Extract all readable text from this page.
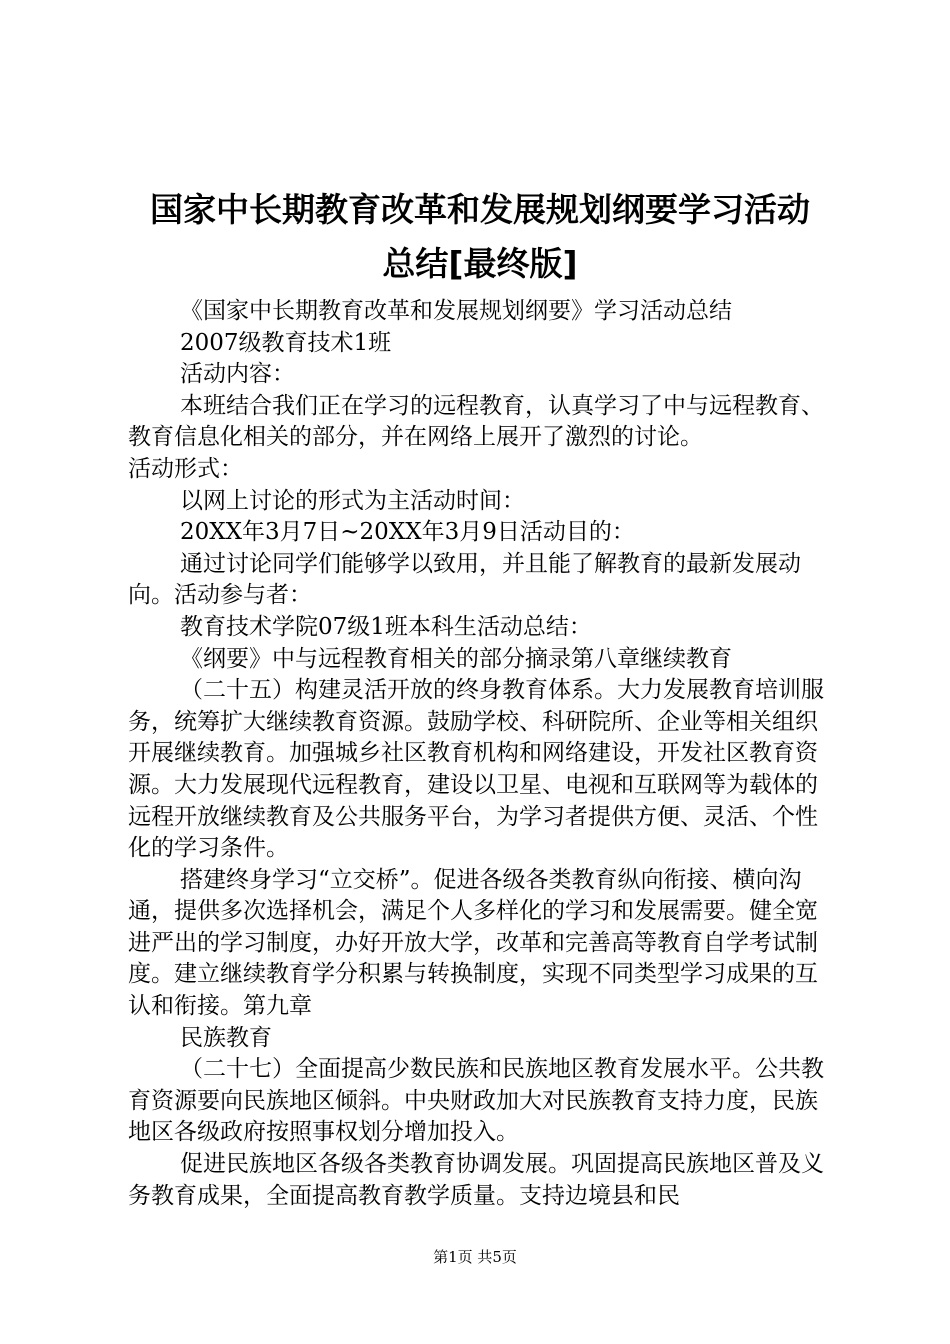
国家中长期教育改革和发展规划纲要学习活动
总结[最终版]

《国家中长期教育改革和发展规划纲要》学习活动总结

2007级教育技术1班

活动内容：

本班结合我们正在学习的远程教育，认真学习了中与远程教育、教育信息化相关的部分，并在网络上展开了激烈的讨论。

活动形式：

以网上讨论的形式为主活动时间：

20XX年3月7日~20XX年3月9日活动目的：

通过讨论同学们能够学以致用，并且能了解教育的最新发展动向。活动参与者：

教育技术学院07级1班本科生活动总结：

《纲要》中与远程教育相关的部分摘录第八章继续教育

（二十五）构建灵活开放的终身教育体系。大力发展教育培训服务，统筹扩大继续教育资源。鼓励学校、科研院所、企业等相关组织开展继续教育。加强城乡社区教育机构和网络建设，开发社区教育资源。大力发展现代远程教育，建设以卫星、电视和互联网等为载体的远程开放继续教育及公共服务平台，为学习者提供方便、灵活、个性化的学习条件。

搭建终身学习“立交桥”。促进各级各类教育纵向衔接、横向沟通，提供多次选择机会，满足个人多样化的学习和发展需要。健全宽进严出的学习制度，办好开放大学，改革和完善高等教育自学考试制度。建立继续教育学分积累与转换制度，实现不同类型学习成果的互认和衔接。第九章

民族教育

（二十七）全面提高少数民族和民族地区教育发展水平。公共教育资源要向民族地区倾斜。中央财政加大对民族教育支持力度，民族地区各级政府按照事权划分增加投入。

促进民族地区各级各类教育协调发展。巩固提高民族地区普及义务教育成果，全面提高教育教学质量。支持边境县和民

第1页 共5页
